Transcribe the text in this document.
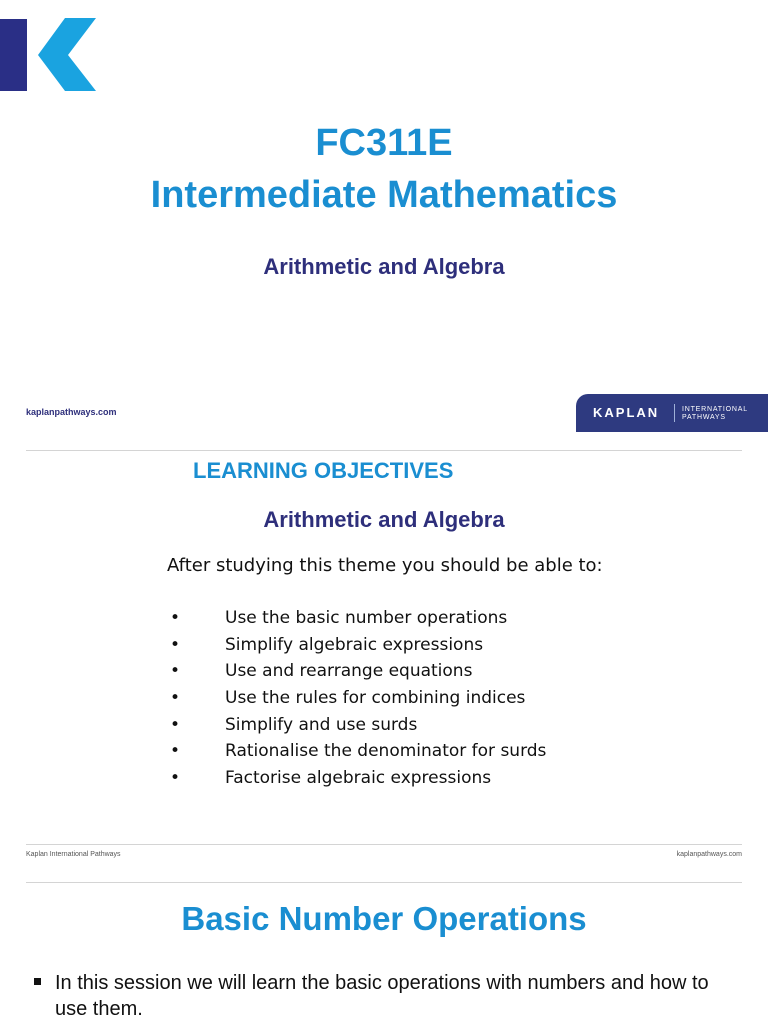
FC311E
Intermediate Mathematics
Arithmetic and Algebra
kaplanpathways.com	KAPLAN	INTERNATIONAL
PATHWAYS
LEARNING OBJECTIVES
Arithmetic and Algebra
After studying this theme you should be able to:
•	Use the basic number operations
•	Simplify algebraic expressions
•	Use and rearrange equations
•	Use the rules for combining indices
•	Simplify and use surds
•	Rationalise the denominator for surds
•	Factorise algebraic expressions
Kaplan International Pathways	kaplanpathways.com
Basic Number Operations
In this session we will learn the basic operations with numbers and how to use them.
